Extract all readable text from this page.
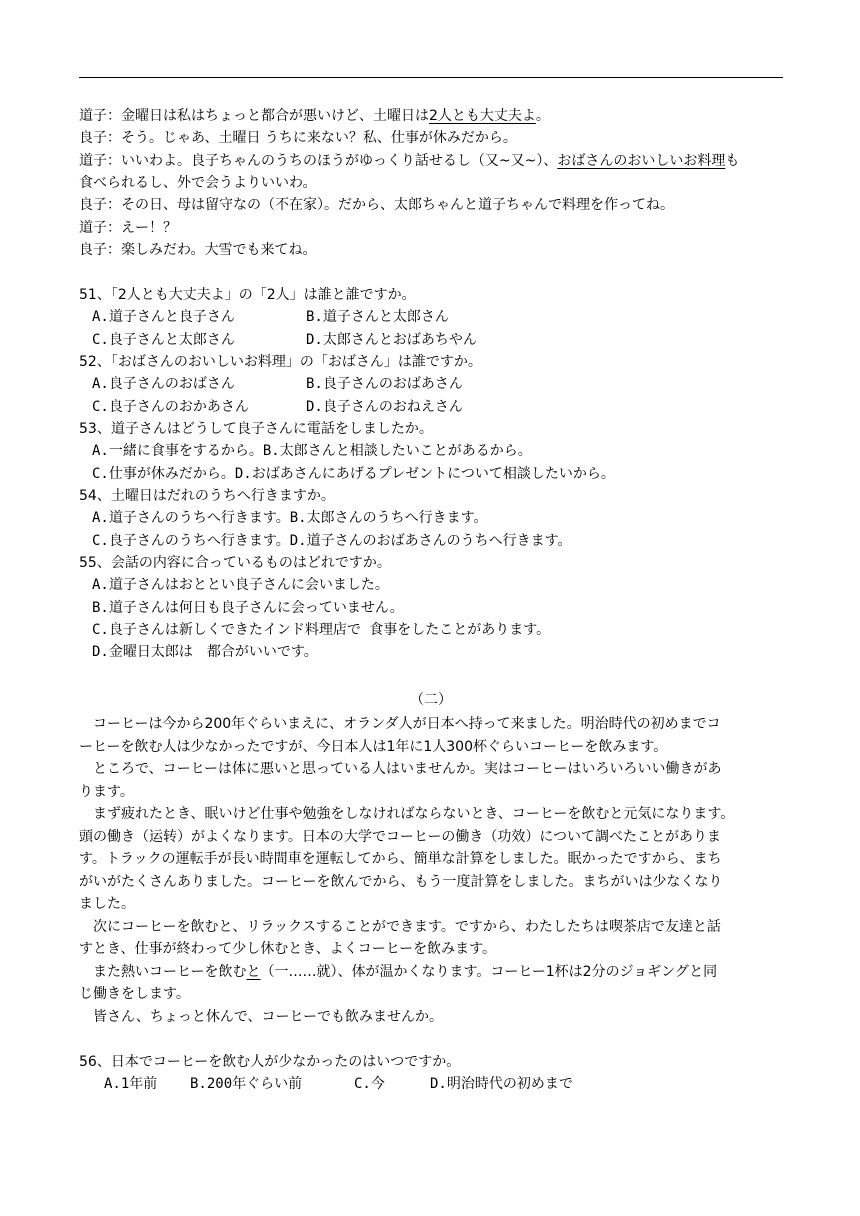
道子：金曜日は私はちょっと都合が悪いけど、土曜日は2人とも大丈夫よ。
良子：そう。じゃあ、土曜日 うちに来ない？私、仕事が休みだから。
道子：いいわよ。良子ちゃんのうちのほうがゆっくり話せるし（又~又~）、おばさんのおいしいお料理も
食べられるし、外で会うよりいいわ。
良子：その日、母は留守なの（不在家）。だから、太郎ちゃんと道子ちゃんで料理を作ってね。
道子：えー！？
良子：楽しみだわ。大雪でも来てね。
51、「2人とも大丈夫よ」の「2人」は誰と誰ですか。
A.道子さんと良子さん	B.道子さんと太郎さん
C.良子さんと太郎さん	D.太郎さんとおばあちやん
52、「おばさんのおいしいお料理」の「おばさん」は誰ですか。
A.良子さんのおばさん	B.良子さんのおばあさん
C.良子さんのおかあさん	D.良子さんのおねえさん
53、道子さんはどうして良子さんに電話をしましたか。
A.一緒に食事をするから。B.太郎さんと相談したいことがあるから。
C.仕事が休みだから。D.おばあさんにあげるプレゼントについて相談したいから。
54、土曜日はだれのうちへ行きますか。
A.道子さんのうちへ行きます。B.太郎さんのうちへ行きます。
C.良子さんのうちへ行きます。D.道子さんのおばあさんのうちへ行きます。
55、会話の内容に合っているものはどれですか。
A.道子さんはおととい良子さんに会いました。
B.道子さんは何日も良子さんに会っていません。
C.良子さんは新しくできたインド料理店で 食事をしたことがあります。
D.金曜日太郎は　都合がいいです。
（二）
　コーヒーは今から200年ぐらいまえに、オランダ人が日本へ持って来ました。明治時代の初めまでコ
ーヒーを飲む人は少なかったですが、今日本人は1年に1人300杯ぐらいコーヒーを飲みます。
　ところで、コーヒーは体に悪いと思っている人はいませんか。実はコーヒーはいろいろいい働きがあ
ります。
　まず疲れたとき、眠いけど仕事や勉強をしなければならないとき、コーヒーを飲むと元気になります。
頭の働き（运转）がよくなります。日本の大学でコーヒーの働き（功效）について調べたことがありま
す。トラックの運転手が長い時間車を運転してから、簡単な計算をしました。眠かったですから、まち
がいがたくさんありました。コーヒーを飲んでから、もう一度計算をしました。まちがいは少なくなり
ました。
　次にコーヒーを飲むと、リラックスすることができます。ですから、わたしたちは喫茶店で友達と話
すとき、仕事が終わって少し休むとき、よくコーヒーを飲みます。
　また熱いコーヒーを飲むと（一……就）、体が温かくなります。コーヒー1杯は2分のジョギングと同
じ働きをします。
　皆さん、ちょっと休んで、コーヒーでも飲みませんか。
56、日本でコーヒーを飲む人が少なかったのはいつですか。
A.1年前	B.200年ぐらい前	C.今	D.明治時代の初めまで
